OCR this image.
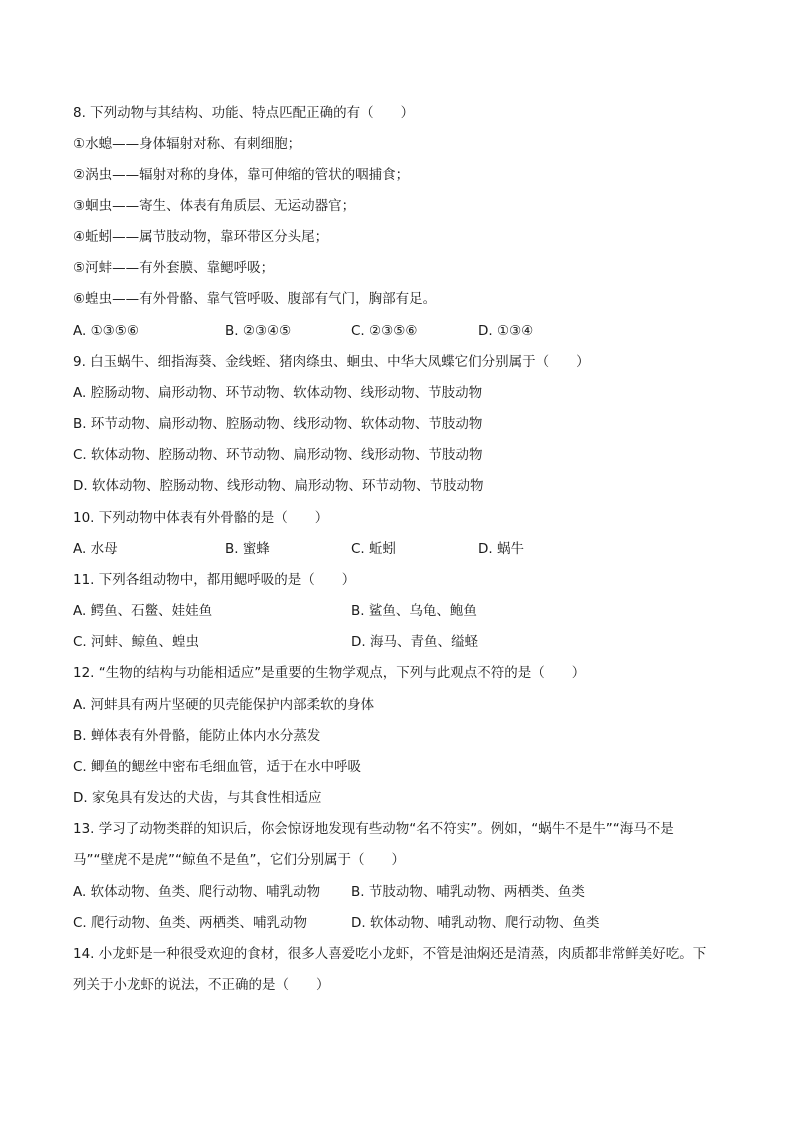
8. 下列动物与其结构、功能、特点匹配正确的有（　　）
①水螅——身体辐射对称、有刺细胞；
②涡虫——辐射对称的身体，靠可伸缩的管状的咽捕食；
③蛔虫——寄生、体表有角质层、无运动器官；
④蚯蚓——属节肢动物，靠环带区分头尾；
⑤河蚌——有外套膜、靠鳃呼吸；
⑥蝗虫——有外骨骼、靠气管呼吸、腹部有气门，胸部有足。
A. ①③⑤⑥	B. ②③④⑤	C. ②③⑤⑥	D. ①③④
9. 白玉蜗牛、细指海葵、金线蛭、猪肉绦虫、蛔虫、中华大凤蝶它们分别属于（　　）
A. 腔肠动物、扁形动物、环节动物、软体动物、线形动物、节肢动物
B. 环节动物、扁形动物、腔肠动物、线形动物、软体动物、节肢动物
C. 软体动物、腔肠动物、环节动物、扁形动物、线形动物、节肢动物
D. 软体动物、腔肠动物、线形动物、扁形动物、环节动物、节肢动物
10. 下列动物中体表有外骨骼的是（　　）
A. 水母	B. 蜜蜂	C. 蚯蚓	D. 蜗牛
11. 下列各组动物中，都用鳃呼吸的是（　　）
A. 鳄鱼、石鳖、娃娃鱼	B. 鲨鱼、乌龟、鲍鱼
C. 河蚌、鲸鱼、蝗虫	D. 海马、青鱼、缢蛏
12. “生物的结构与功能相适应”是重要的生物学观点，下列与此观点不符的是（　　）
A. 河蚌具有两片坚硬的贝壳能保护内部柔软的身体
B. 蝉体表有外骨骼，能防止体内水分蒸发
C. 鲫鱼的鳃丝中密布毛细血管，适于在水中呼吸
D. 家兔具有发达的犬齿，与其食性相适应
13. 学习了动物类群的知识后，你会惊讶地发现有些动物“名不符实”。例如，“蜗牛不是牛”“海马不是
马”“壁虎不是虎”“鲸鱼不是鱼”，它们分别属于（　　）
A. 软体动物、鱼类、爬行动物、哺乳动物 B. 节肢动物、哺乳动物、两栖类、鱼类
C. 爬行动物、鱼类、两栖类、哺乳动物	D. 软体动物、哺乳动物、爬行动物、鱼类
14. 小龙虾是一种很受欢迎的食材，很多人喜爱吃小龙虾，不管是油焖还是清蒸，肉质都非常鲜美好吃。下
列关于小龙虾的说法，不正确的是（　　）
